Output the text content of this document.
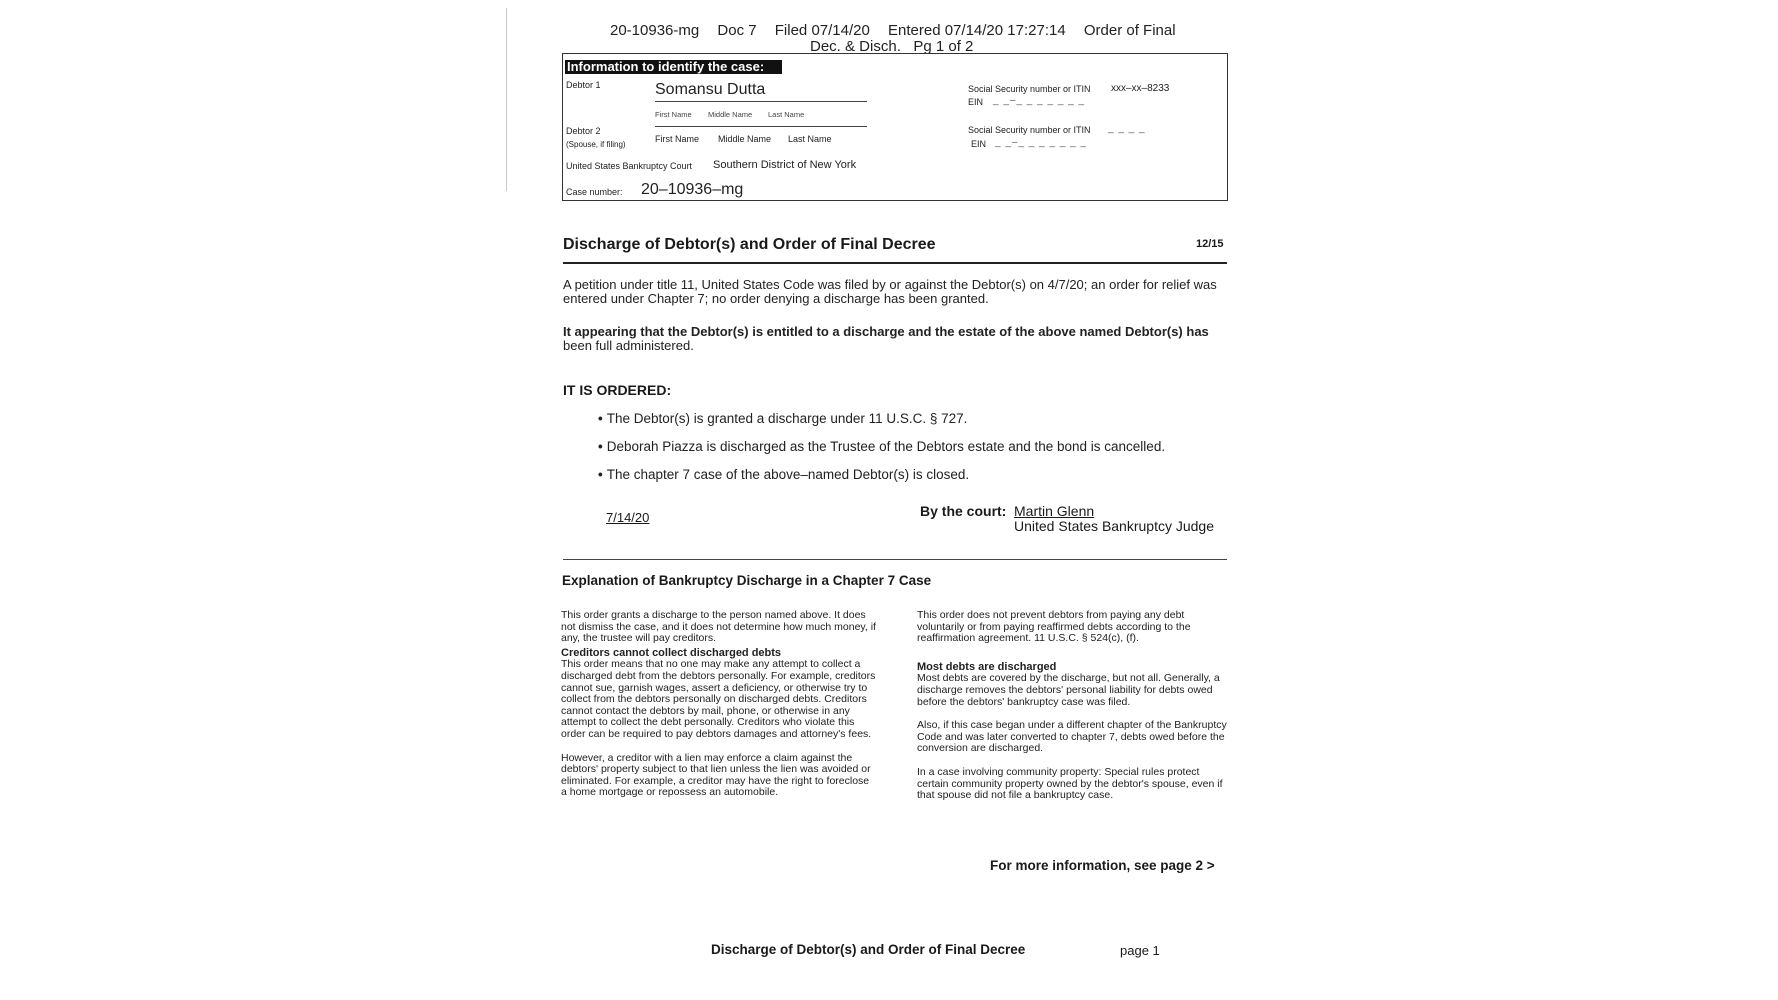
20-10936-mg Doc 7 Filed 07/14/20 Entered 07/14/20 17:27:14 Order of Final
Dec. & Disch.   Pg 1 of 2
Information to identify the case:
Debtor 1	Somansu Dutta
First Name Middle Name Last Name
Debtor 2
(Spouse, if filing)
First Name Middle Name Last Name
United States Bankruptcy Court Southern District of New York
Case number: 20–10936–mg
Social Security number or ITIN xxx–xx–8233
EIN _ _–_ _ _ _ _ _ _
Social Security number or ITIN _ _ _ _
EIN _ _–_ _ _ _ _ _ _
Discharge of Debtor(s) and Order of Final Decree	12/15
A petition under title 11, United States Code was filed by or against the Debtor(s) on 4/7/20; an order for relief was entered under Chapter 7; no order denying a discharge has been granted.
It appearing that the Debtor(s) is entitled to a discharge and the estate of the above named Debtor(s) has been full administered.
IT IS ORDERED:
• The Debtor(s) is granted a discharge under 11 U.S.C. § 727.
• Deborah Piazza is discharged as the Trustee of the Debtors estate and the bond is cancelled.
• The chapter 7 case of the above–named Debtor(s) is closed.
7/14/20	By the court: Martin Glenn
United States Bankruptcy Judge
Explanation of Bankruptcy Discharge in a Chapter 7 Case

This order grants a discharge to the person named above. It does not dismiss the case, and it does not determine how much money, if any, the trustee will pay creditors.

Creditors cannot collect discharged debts

This order means that no one may make any attempt to collect a discharged debt from the debtors personally. For example, creditors cannot sue, garnish wages, assert a deficiency, or otherwise try to collect from the debtors personally on discharged debts. Creditors cannot contact the debtors by mail, phone, or otherwise in any attempt to collect the debt personally. Creditors who violate this order can be required to pay debtors damages and attorney's fees.

However, a creditor with a lien may enforce a claim against the debtors' property subject to that lien unless the lien was avoided or eliminated. For example, a creditor may have the right to foreclose a home mortgage or repossess an automobile.

This order does not prevent debtors from paying any debt voluntarily or from paying reaffirmed debts according to the reaffirmation agreement. 11 U.S.C. § 524(c), (f).

Most debts are discharged

Most debts are covered by the discharge, but not all. Generally, a discharge removes the debtors' personal liability for debts owed before the debtors' bankruptcy case was filed.

Also, if this case began under a different chapter of the Bankruptcy Code and was later converted to chapter 7, debts owed before the conversion are discharged.

In a case involving community property: Special rules protect certain community property owned by the debtor's spouse, even if that spouse did not file a bankruptcy case.

For more information, see page 2 >
Discharge of Debtor(s) and Order of Final Decree	page 1
